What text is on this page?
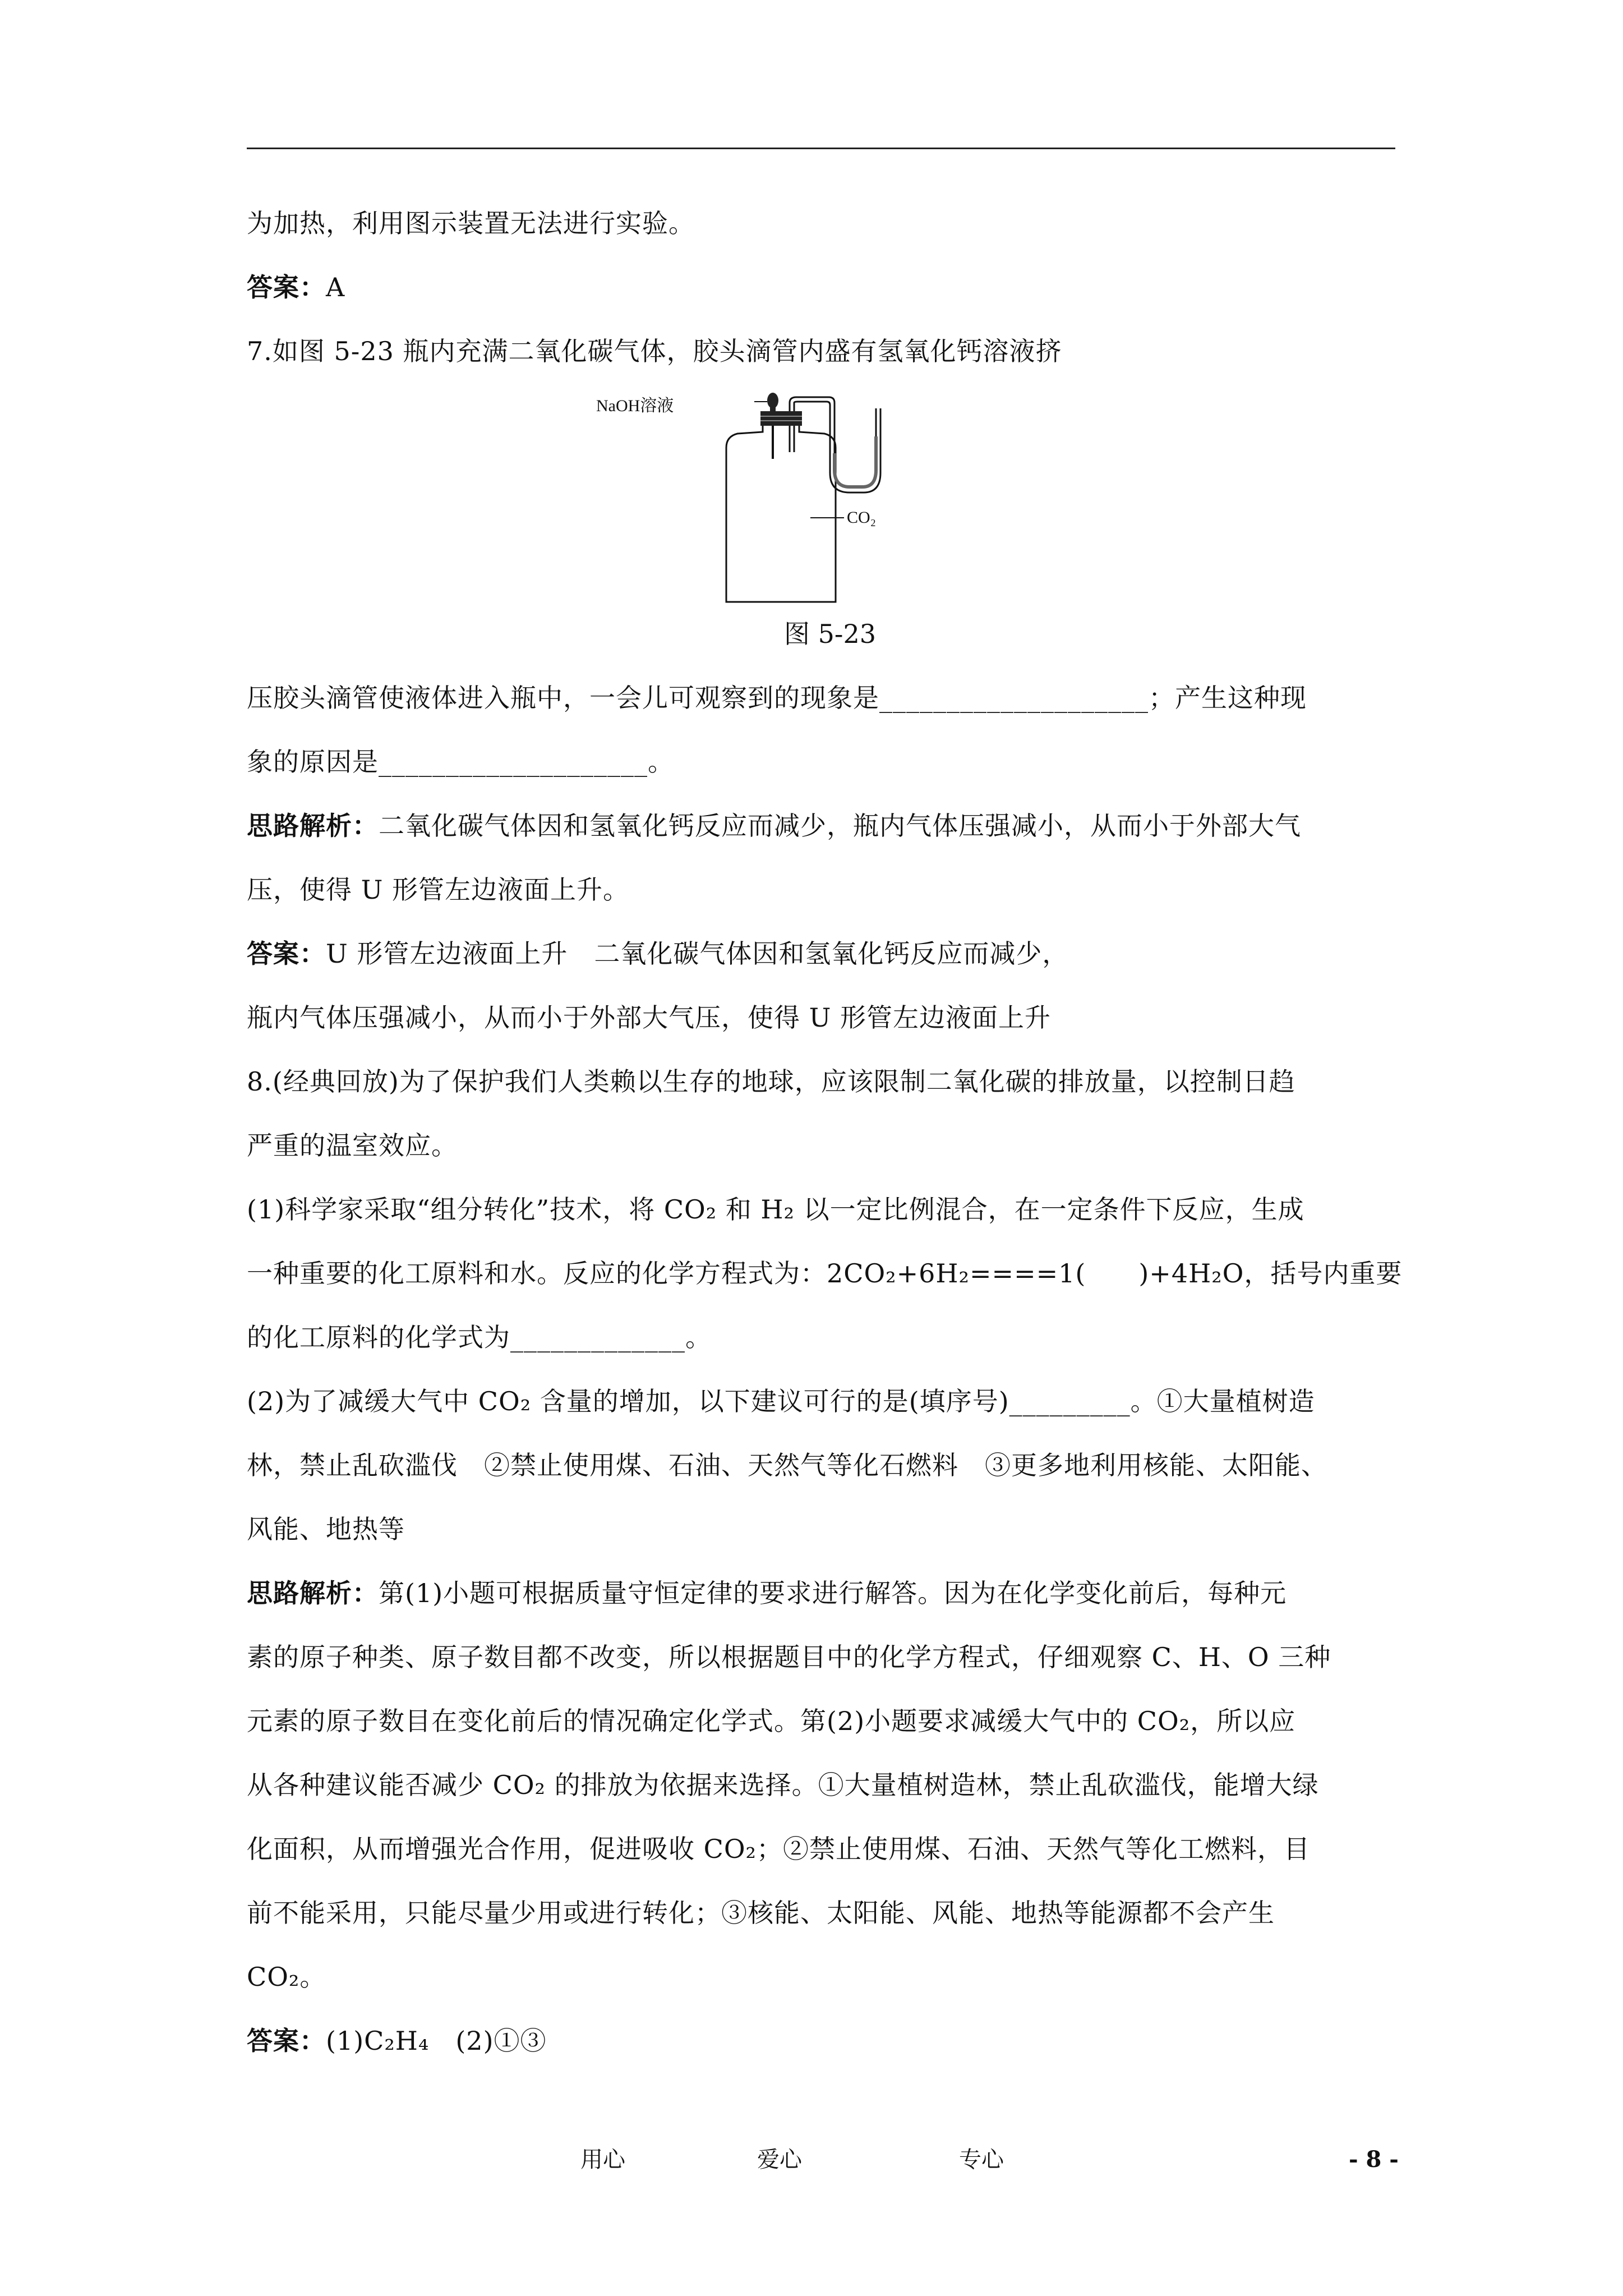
为加热，利用图示装置无法进行实验。
答案：A
7.如图 5-23 瓶内充满二氧化碳气体，胶头滴管内盛有氢氧化钙溶液挤
NaOH溶液
CO₂
图 5-23
压胶头滴管使液体进入瓶中，一会儿可观察到的现象是____________________；产生这种现
象的原因是____________________。
思路解析：二氧化碳气体因和氢氧化钙反应而减少，瓶内气体压强减小，从而小于外部大气
压，使得 U 形管左边液面上升。
答案：U 形管左边液面上升　二氧化碳气体因和氢氧化钙反应而减少，
瓶内气体压强减小，从而小于外部大气压，使得 U 形管左边液面上升
8.(经典回放)为了保护我们人类赖以生存的地球，应该限制二氧化碳的排放量，以控制日趋
严重的温室效应。
(1)科学家采取“组分转化”技术，将 CO₂ 和 H₂ 以一定比例混合，在一定条件下反应，生成
一种重要的化工原料和水。反应的化学方程式为：2CO₂+6H₂====1(　　)+4H₂O，括号内重要
的化工原料的化学式为_____________。
(2)为了减缓大气中 CO₂ 含量的增加，以下建议可行的是(填序号)_________。①大量植树造
林，禁止乱砍滥伐　②禁止使用煤、石油、天然气等化石燃料　③更多地利用核能、太阳能、
风能、地热等
思路解析：第(1)小题可根据质量守恒定律的要求进行解答。因为在化学变化前后，每种元
素的原子种类、原子数目都不改变，所以根据题目中的化学方程式，仔细观察 C、H、O 三种
元素的原子数目在变化前后的情况确定化学式。第(2)小题要求减缓大气中的 CO₂，所以应
从各种建议能否减少 CO₂ 的排放为依据来选择。①大量植树造林，禁止乱砍滥伐，能增大绿
化面积，从而增强光合作用，促进吸收 CO₂；②禁止使用煤、石油、天然气等化工燃料，目
前不能采用，只能尽量少用或进行转化；③核能、太阳能、风能、地热等能源都不会产生
CO₂。
答案：(1)C₂H₄　(2)①③
用心	爱心	专心	- 8 -
